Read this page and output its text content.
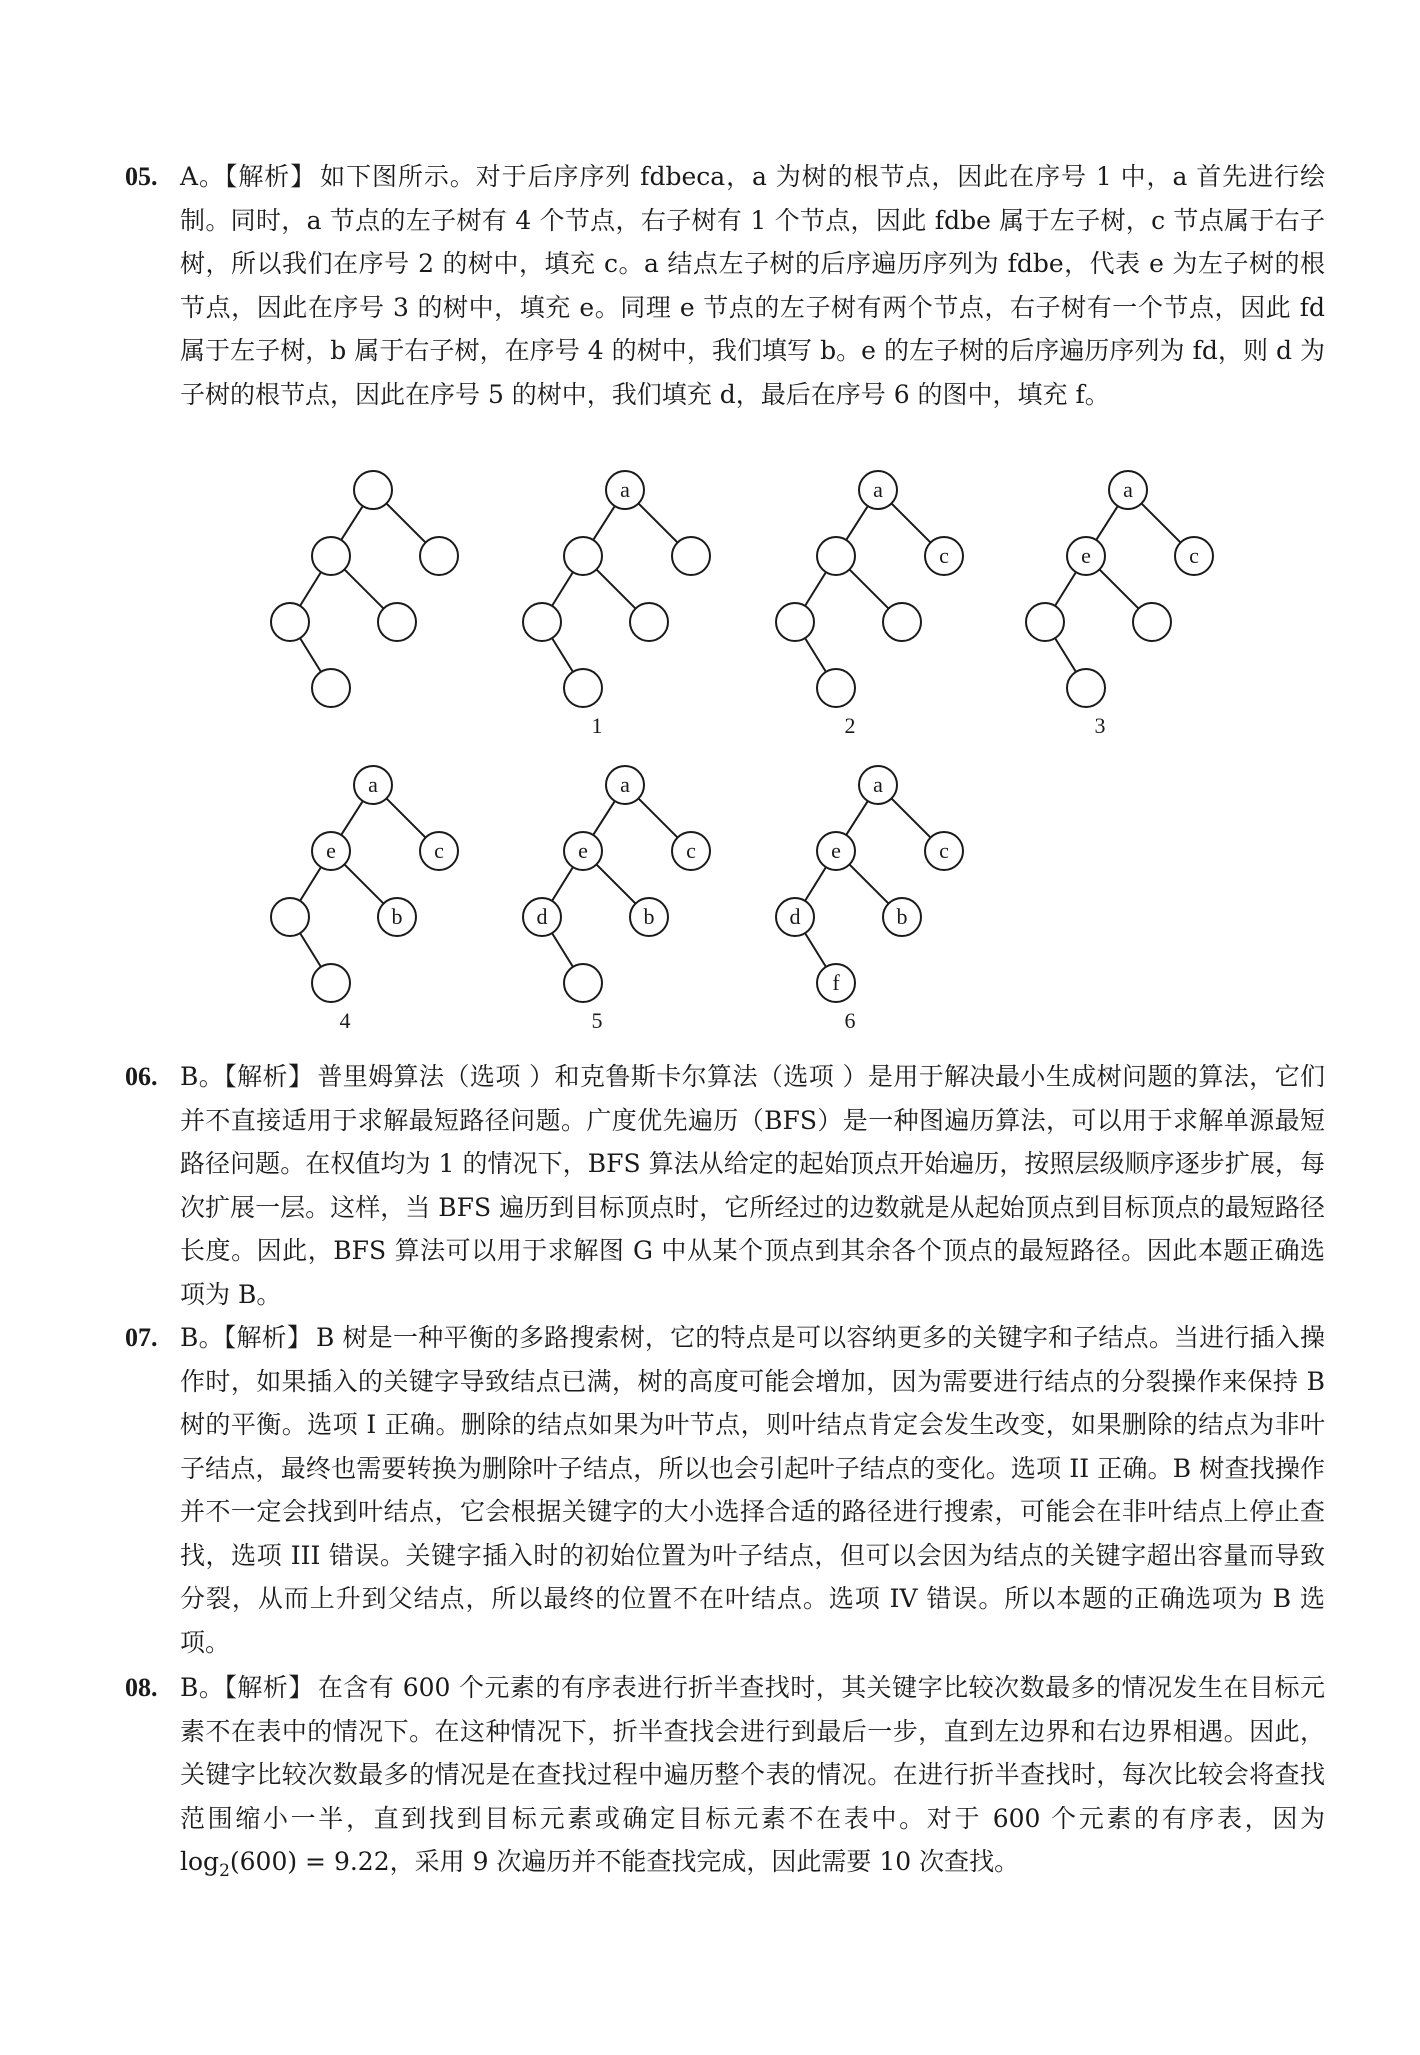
05. A。【解析】 如下图所示。对于后序序列 fdbeca，a 为树的根节点，因此在序号 1 中，a 首先进行绘制。同时，a 节点的左子树有 4 个节点，右子树有 1 个节点，因此 fdbe 属于左子树，c 节点属于右子树，所以我们在序号 2 的树中，填充 c。a 结点左子树的后序遍历序列为 fdbe，代表 e 为左子树的根节点，因此在序号 3 的树中，填充 e。同理 e 节点的左子树有两个节点，右子树有一个节点，因此 fd 属于左子树，b 属于右子树，在序号 4 的树中，我们填写 b。e 的左子树的后序遍历序列为 fd，则 d 为子树的根节点，因此在序号 5 的树中，我们填充 d，最后在序号 6 的图中，填充 f。
a
1
a
c
2
a
e	c
3
a
e	c
b
4
a
e	c
d	b
5
a
e	c
d	b
f
6
06. B。【解析】 普里姆算法（选项 ）和克鲁斯卡尔算法（选项 ）是用于解决最小生成树问题的算法，它们并不直接适用于求解最短路径问题。广度优先遍历（BFS）是一种图遍历算法，可以用于求解单源最短路径问题。在权值均为 1 的情况下，BFS 算法从给定的起始顶点开始遍历，按照层级顺序逐步扩展，每次扩展一层。这样，当 BFS 遍历到目标顶点时，它所经过的边数就是从起始顶点到目标顶点的最短路径长度。因此，BFS 算法可以用于求解图 G 中从某个顶点到其余各个顶点的最短路径。因此本题正确选项为 B。
07. B。【解析】 B 树是一种平衡的多路搜索树，它的特点是可以容纳更多的关键字和子结点。当进行插入操作时，如果插入的关键字导致结点已满，树的高度可能会增加，因为需要进行结点的分裂操作来保持 B 树的平衡。选项 I 正确。删除的结点如果为叶节点，则叶结点肯定会发生改变，如果删除的结点为非叶子结点，最终也需要转换为删除叶子结点，所以也会引起叶子结点的变化。选项 II 正确。B 树查找操作并不一定会找到叶结点，它会根据关键字的大小选择合适的路径进行搜索，可能会在非叶结点上停止查找，选项 III 错误。关键字插入时的初始位置为叶子结点，但可以会因为结点的关键字超出容量而导致分裂，从而上升到父结点，所以最终的位置不在叶结点。选项 IV 错误。所以本题的正确选项为 B 选项。
08. B。【解析】 在含有 600 个元素的有序表进行折半查找时，其关键字比较次数最多的情况发生在目标元素不在表中的情况下。在这种情况下，折半查找会进行到最后一步，直到左边界和右边界相遇。因此，关键字比较次数最多的情况是在查找过程中遍历整个表的情况。在进行折半查找时，每次比较会将查找范围缩小一半，直到找到目标元素或确定目标元素不在表中。对于 600 个元素的有序表，因为 $\log_2(600) = 9.22$，采用 9 次遍历并不能查找完成，因此需要 10 次查找。
